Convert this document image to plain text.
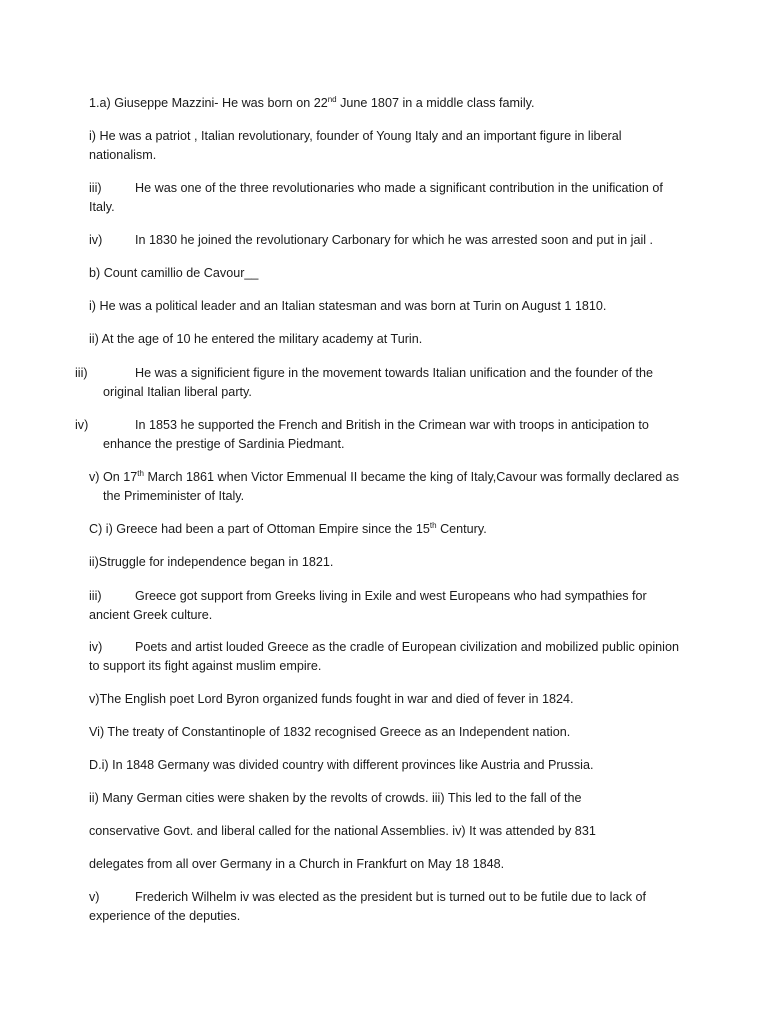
1.a) Giuseppe Mazzini- He was born on 22nd June 1807 in a middle class family.

i) He was a patriot , Italian revolutionary, founder of Young Italy and an important figure in liberal nationalism.

iii)	He was one of the three revolutionaries who made a significant contribution in the unification of Italy.

iv)	In 1830 he joined the revolutionary Carbonary for which he was arrested soon and put in jail .

b) Count camillio de Cavour__

i) He was a political leader and an Italian statesman and was born at Turin on August 1 1810.

ii) At the age of 10 he entered the military academy at Turin.

iii)	He was a significient figure in the movement towards Italian unification and the founder of the original Italian liberal party.

iv)	In 1853 he supported the French and British in the Crimean war with troops in anticipation to enhance the prestige of Sardinia Piedmant.

v) On 17th March 1861 when Victor Emmenual II became the king of Italy,Cavour was formally declared as the Primeminister of Italy.

C) i) Greece had been a part of Ottoman Empire since the 15th Century.

ii)Struggle for independence began in 1821.

iii)	Greece got support from Greeks living in Exile and west Europeans who had sympathies for ancient Greek culture.

iv)	Poets and artist louded Greece as the cradle of European civilization and mobilized public opinion to support its fight against muslim empire.

v)The English poet Lord Byron organized funds fought in war and died of fever in 1824.

Vi) The treaty of Constantinople of 1832 recognised Greece as an Independent nation.

D.i) In 1848 Germany was divided country with different provinces like Austria and Prussia.

ii) Many German cities were shaken by the revolts of crowds. iii) This led to the fall of the

conservative Govt. and liberal called for the national Assemblies. iv) It was attended by 831

delegates from all over Germany in a Church in Frankfurt on May 18 1848.

v)	Frederich Wilhelm iv was elected as the president but is turned out to be futile due to lack of experience of the deputies.
